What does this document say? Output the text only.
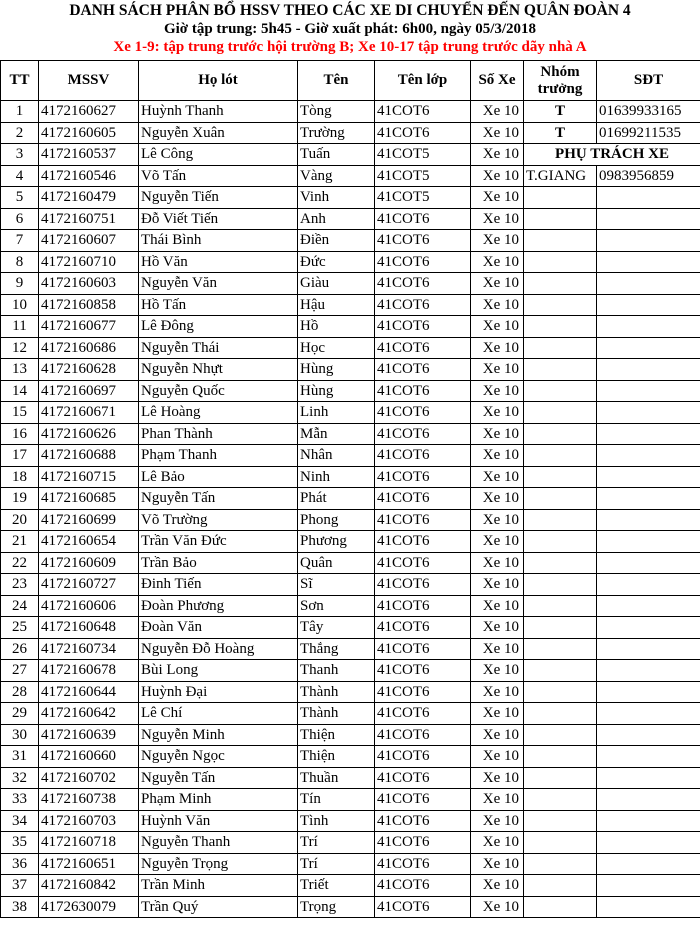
DANH SÁCH PHÂN BỔ HSSV THEO CÁC XE DI CHUYỂN ĐẾN QUÂN ĐOÀN 4
Giờ tập trung: 5h45 - Giờ xuất phát: 6h00, ngày 05/3/2018
Xe 1-9: tập trung trước hội trường B; Xe 10-17 tập trung trước dãy nhà A
TT	MSSV	Họ lót	Tên	Tên lớp	Số Xe	Nhóm trưởng	SĐT
1	4172160627	Huỳnh Thanh	Tòng	41COT6	Xe 10	T	01639933165
2	4172160605	Nguyễn Xuân	Trường	41COT6	Xe 10	T	01699211535
3	4172160537	Lê Công	Tuấn	41COT5	Xe 10	PHỤ TRÁCH XE	
4	4172160546	Võ Tấn	Vàng	41COT5	Xe 10	T.GIANG	0983956859
5	4172160479	Nguyễn Tiến	Vinh	41COT5	Xe 10		
6	4172160751	Đỗ Viết Tiến	Anh	41COT6	Xe 10		
7	4172160607	Thái Bình	Điền	41COT6	Xe 10		
8	4172160710	Hồ Văn	Đức	41COT6	Xe 10		
9	4172160603	Nguyễn Văn	Giàu	41COT6	Xe 10		
10	4172160858	Hồ Tấn	Hậu	41COT6	Xe 10		
11	4172160677	Lê Đông	Hồ	41COT6	Xe 10		
12	4172160686	Nguyễn Thái	Học	41COT6	Xe 10		
13	4172160628	Nguyễn Nhựt	Hùng	41COT6	Xe 10		
14	4172160697	Nguyễn Quốc	Hùng	41COT6	Xe 10		
15	4172160671	Lê Hoàng	Linh	41COT6	Xe 10		
16	4172160626	Phan Thành	Mẫn	41COT6	Xe 10		
17	4172160688	Phạm Thanh	Nhân	41COT6	Xe 10		
18	4172160715	Lê Bảo	Ninh	41COT6	Xe 10		
19	4172160685	Nguyễn Tấn	Phát	41COT6	Xe 10		
20	4172160699	Võ Trường	Phong	41COT6	Xe 10		
21	4172160654	Trần Văn Đức	Phương	41COT6	Xe 10		
22	4172160609	Trần Bảo	Quân	41COT6	Xe 10		
23	4172160727	Đinh Tiến	Sĩ	41COT6	Xe 10		
24	4172160606	Đoàn Phương	Sơn	41COT6	Xe 10		
25	4172160648	Đoàn Văn	Tây	41COT6	Xe 10		
26	4172160734	Nguyễn Đỗ Hoàng	Thắng	41COT6	Xe 10		
27	4172160678	Bùi Long	Thanh	41COT6	Xe 10		
28	4172160644	Huỳnh Đại	Thành	41COT6	Xe 10		
29	4172160642	Lê Chí	Thành	41COT6	Xe 10		
30	4172160639	Nguyễn Minh	Thiện	41COT6	Xe 10		
31	4172160660	Nguyễn Ngọc	Thiện	41COT6	Xe 10		
32	4172160702	Nguyễn Tấn	Thuần	41COT6	Xe 10		
33	4172160738	Phạm Minh	Tín	41COT6	Xe 10		
34	4172160703	Huỳnh Văn	Tình	41COT6	Xe 10		
35	4172160718	Nguyễn Thanh	Trí	41COT6	Xe 10		
36	4172160651	Nguyễn Trọng	Trí	41COT6	Xe 10		
37	4172160842	Trần Minh	Triết	41COT6	Xe 10		
38	4172630079	Trần Quý	Trọng	41COT6	Xe 10		
